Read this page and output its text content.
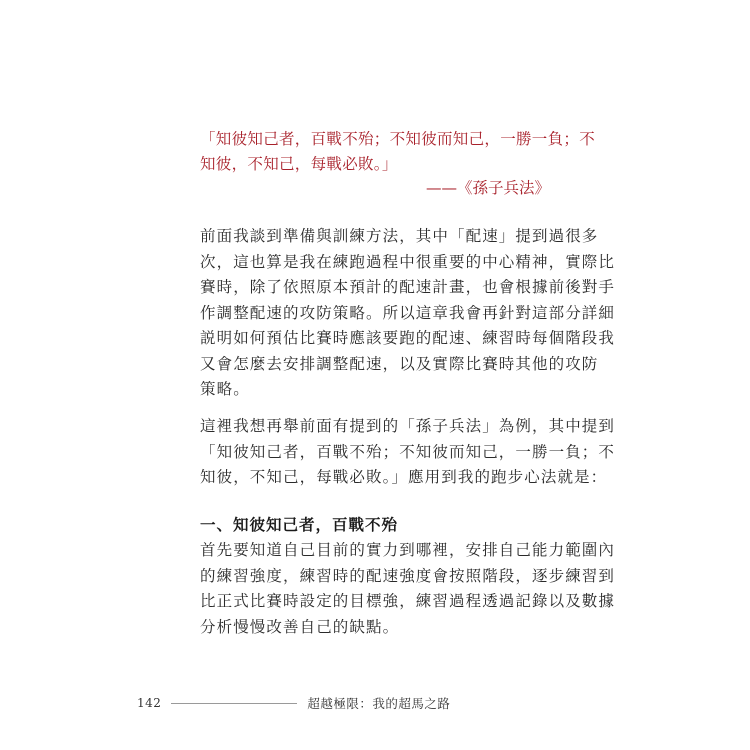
「知彼知己者，百戰不殆；不知彼而知己，一勝一負；不

知彼，不知己，每戰必敗。」

——《孫子兵法》

前面我談到準備與訓練方法，其中「配速」提到過很多
次，這也算是我在練跑過程中很重要的中心精神，實際比
賽時，除了依照原本預計的配速計畫，也會根據前後對手
作調整配速的攻防策略。所以這章我會再針對這部分詳細
説明如何預估比賽時應該要跑的配速、練習時每個階段我
又會怎麼去安排調整配速，以及實際比賽時其他的攻防
策略。

這裡我想再舉前面有提到的「孫子兵法」為例，其中提到
「知彼知己者，百戰不殆；不知彼而知己，一勝一負；不
知彼，不知己，每戰必敗。」應用到我的跑步心法就是：

一、知彼知己者，百戰不殆

首先要知道自己目前的實力到哪裡，安排自己能力範圍內
的練習強度，練習時的配速強度會按照階段，逐步練習到
比正式比賽時設定的目標強，練習過程透過記錄以及數據
分析慢慢改善自己的缺點。

142	超越極限：我的超馬之路
